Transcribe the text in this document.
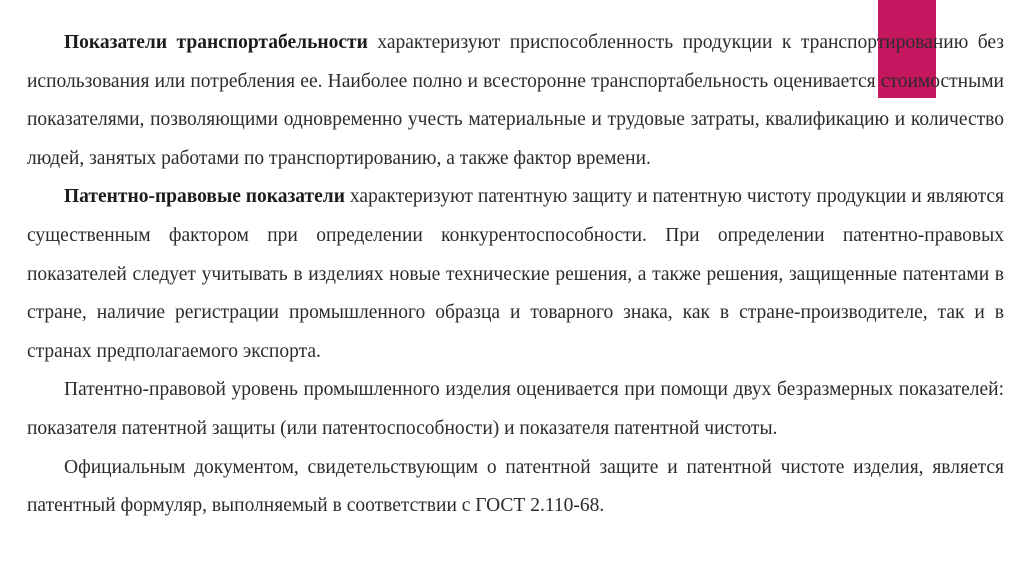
Показатели транспортабельности характеризуют приспособленность продукции к транспортированию без использования или потребления ее. Наиболее полно и всесторонне транспортабельность оценивается стоимостными показателями, позволяющими одновременно учесть материальные и трудовые затраты, квалификацию и количество людей, занятых работами по транспортированию, а также фактор времени.

Патентно-правовые показатели характеризуют патентную защиту и патентную чистоту продукции и являются существенным фактором при определении конкурентоспособности. При определении патентно-правовых показателей следует учитывать в изделиях новые технические решения, а также решения, защищенные патентами в стране, наличие регистрации промышленного образца и товарного знака, как в стране-производителе, так и в странах предполагаемого экспорта.

Патентно-правовой уровень промышленного изделия оценивается при помощи двух безразмерных показателей: показателя патентной защиты (или патентоспособности) и показателя патентной чистоты.

Официальным документом, свидетельствующим о патентной защите и патентной чистоте изделия, является патентный формуляр, выполняемый в соответствии с ГОСТ 2.110-68.
